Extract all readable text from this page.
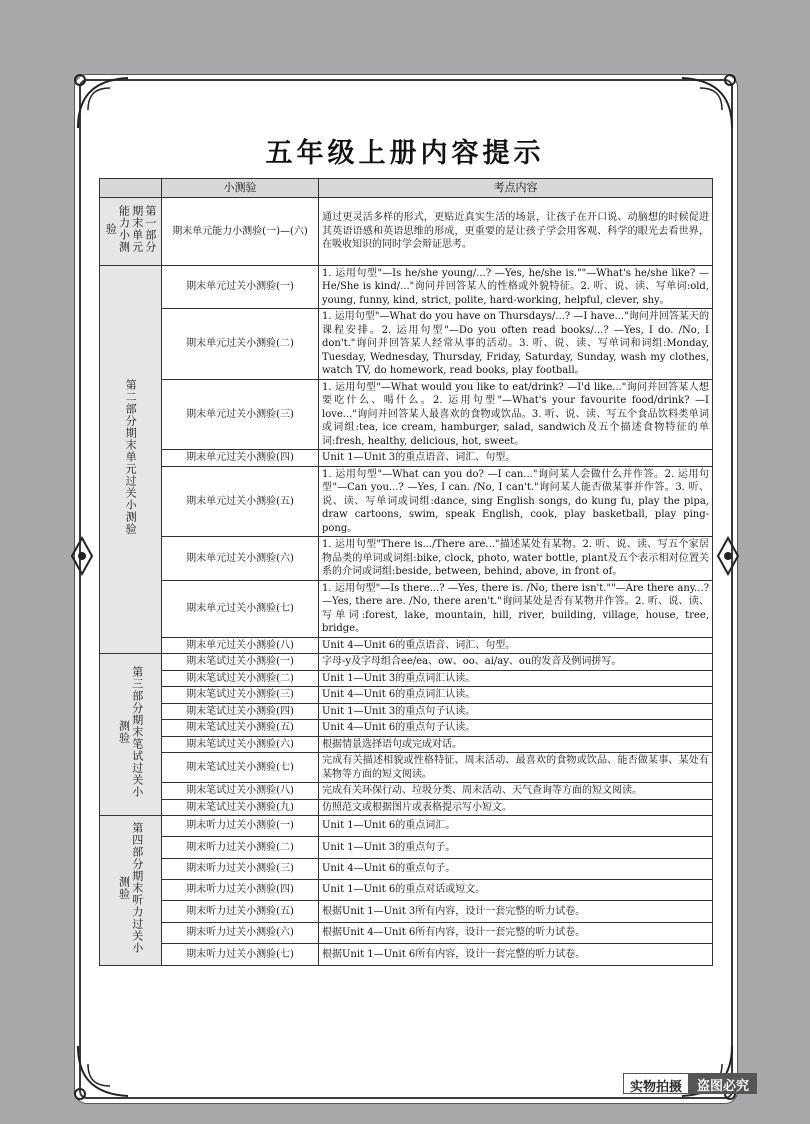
五年级上册内容提示
	小测验	考点内容
第一部分期末单元能力小测验	期末单元能力小测验(一)—(六)	通过更灵活多样的形式，更贴近真实生活的场景，让孩子在开口说、动脑想的时候促进其英语语感和英语思维的形成，更重要的是让孩子学会用客观、科学的眼光去看世界，在吸收知识的同时学会辩证思考。
第二部分期末单元过关小测验	期末单元过关小测验(一)	1. 运用句型"—Is he/she young/...? —Yes, he/she is.""—What's he/she like? —He/She is kind/..."询问并回答某人的性格或外貌特征。2. 听、说、读、写单词:old, young, funny, kind, strict, polite, hard-working, helpful, clever, shy。
	期末单元过关小测验(二)	1. 运用句型"—What do you have on Thursdays/...? —I have..."询问并回答某天的课程安排。2. 运用句型"—Do you often read books/...? —Yes, I do. /No, I don't."询问并回答某人经常从事的活动。3. 听、说、读、写单词和词组:Monday, Tuesday, Wednesday, Thursday, Friday, Saturday, Sunday, wash my clothes, watch TV, do homework, read books, play football。
	期末单元过关小测验(三)	1. 运用句型"—What would you like to eat/drink? —I'd like..."询问并回答某人想要吃什么、喝什么。2. 运用句型"—What's your favourite food/drink? —I love..."询问并回答某人最喜欢的食物或饮品。3. 听、说、读、写五个食品饮料类单词或词组:tea, ice cream, hamburger, salad, sandwich及五个描述食物特征的单词:fresh, healthy, delicious, hot, sweet。
	期末单元过关小测验(四)	Unit 1—Unit 3的重点语音、词汇、句型。
	期末单元过关小测验(五)	1. 运用句型"—What can you do? —I can..."询问某人会做什么并作答。2. 运用句型"—Can you...? —Yes, I can. /No, I can't."询问某人能否做某事并作答。3. 听、说、读、写单词或词组:dance, sing English songs, do kung fu, play the pipa, draw cartoons, swim, speak English, cook, play basketball, play ping-pong。
	期末单元过关小测验(六)	1. 运用句型"There is.../There are..."描述某处有某物。2. 听、说、读、写五个家居物品类的单词或词组:bike, clock, photo, water bottle, plant及五个表示相对位置关系的介词或词组:beside, between, behind, above, in front of。
	期末单元过关小测验(七)	1. 运用句型"—Is there...? —Yes, there is. /No, there isn't.""—Are there any...? —Yes, there are. /No, there aren't."询问某处是否有某物并作答。2. 听、说、读、写单词:forest, lake, mountain, hill, river, building, village, house, tree, bridge。
	期末单元过关小测验(八)	Unit 4—Unit 6的重点语音、词汇、句型。
第三部分期末笔试过关小测验	期末笔试过关小测验(一)	字母-y及字母组合ee/ea、ow、oo、ai/ay、ou的发音及例词拼写。
	期末笔试过关小测验(二)	Unit 1—Unit 3的重点词汇认读。
	期末笔试过关小测验(三)	Unit 4—Unit 6的重点词汇认读。
	期末笔试过关小测验(四)	Unit 1—Unit 3的重点句子认读。
	期末笔试过关小测验(五)	Unit 4—Unit 6的重点句子认读。
	期末笔试过关小测验(六)	根据情景选择语句或完成对话。
	期末笔试过关小测验(七)	完成有关描述相貌或性格特征、周末活动、最喜欢的食物或饮品、能否做某事、某处有某物等方面的短文阅读。
	期末笔试过关小测验(八)	完成有关环保行动、垃圾分类、周末活动、天气查询等方面的短文阅读。
	期末笔试过关小测验(九)	仿照范文或根据图片或表格提示写小短文。
第四部分期末听力过关小测验	期末听力过关小测验(一)	Unit 1—Unit 6的重点词汇。
	期末听力过关小测验(二)	Unit 1—Unit 3的重点句子。
	期末听力过关小测验(三)	Unit 4—Unit 6的重点句子。
	期末听力过关小测验(四)	Unit 1—Unit 6的重点对话或短文。
	期末听力过关小测验(五)	根据Unit 1—Unit 3所有内容，设计一套完整的听力试卷。
	期末听力过关小测验(六)	根据Unit 4—Unit 6所有内容，设计一套完整的听力试卷。
	期末听力过关小测验(七)	根据Unit 1—Unit 6所有内容，设计一套完整的听力试卷。
实物拍摄	盗图必究
